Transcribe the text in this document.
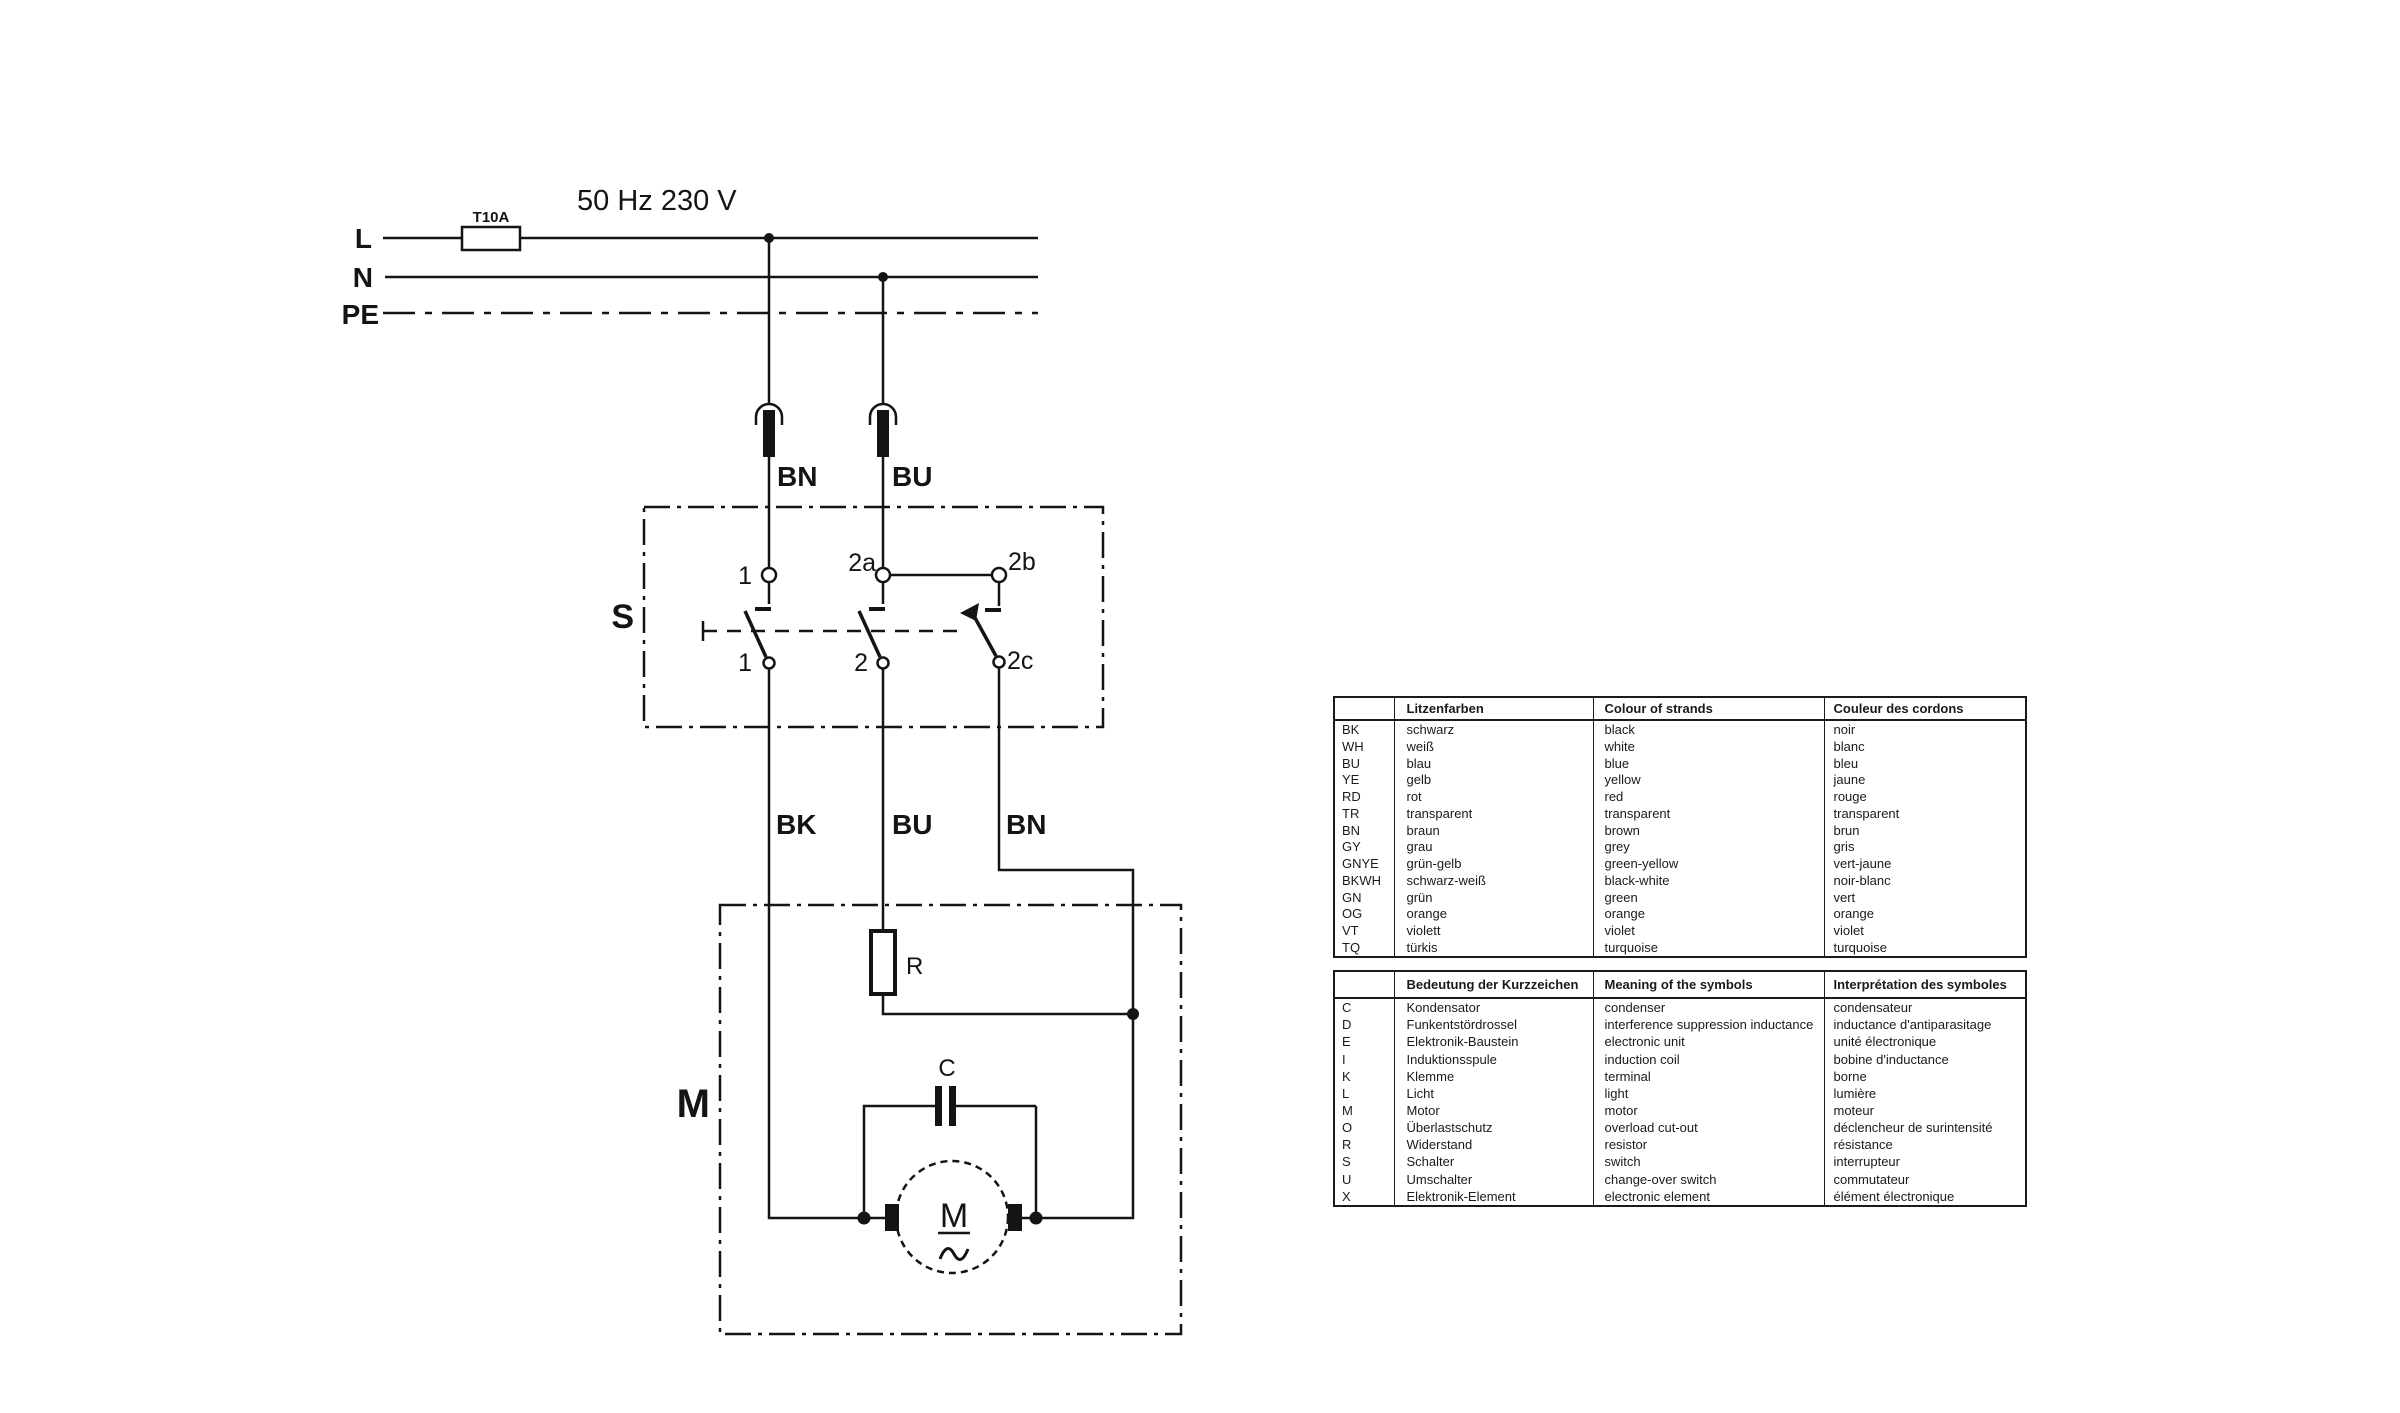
50 Hz 230 V
T10A
L
N
PE
BN	BU
S
1	2a	2b
1	2	2c
BK	BU	BN
M
R
C
M
	Litzenfarben	Colour of strands	Couleur des cordons
BK	schwarz	black	noir
WH	weiß	white	blanc
BU	blau	blue	bleu
YE	gelb	yellow	jaune
RD	rot	red	rouge
TR	transparent	transparent	transparent
BN	braun	brown	brun
GY	grau	grey	gris
GNYE	grün-gelb	green-yellow	vert-jaune
BKWH	schwarz-weiß	black-white	noir-blanc
GN	grün	green	vert
OG	orange	orange	orange
VT	violett	violet	violet
TQ	türkis	turquoise	turquoise
	Bedeutung der Kurzzeichen	Meaning of the symbols	Interprétation des symboles
C	Kondensator	condenser	condensateur
D	Funkentstördrossel	interference suppression inductance	inductance d'antiparasitage
E	Elektronik-Baustein	electronic unit	unité électronique
I	Induktionsspule	induction coil	bobine d'inductance
K	Klemme	terminal	borne
L	Licht	light	lumière
M	Motor	motor	moteur
O	Überlastschutz	overload cut-out	déclencheur de surintensité
R	Widerstand	resistor	résistance
S	Schalter	switch	interrupteur
U	Umschalter	change-over switch	commutateur
X	Elektronik-Element	electronic element	élément électronique
